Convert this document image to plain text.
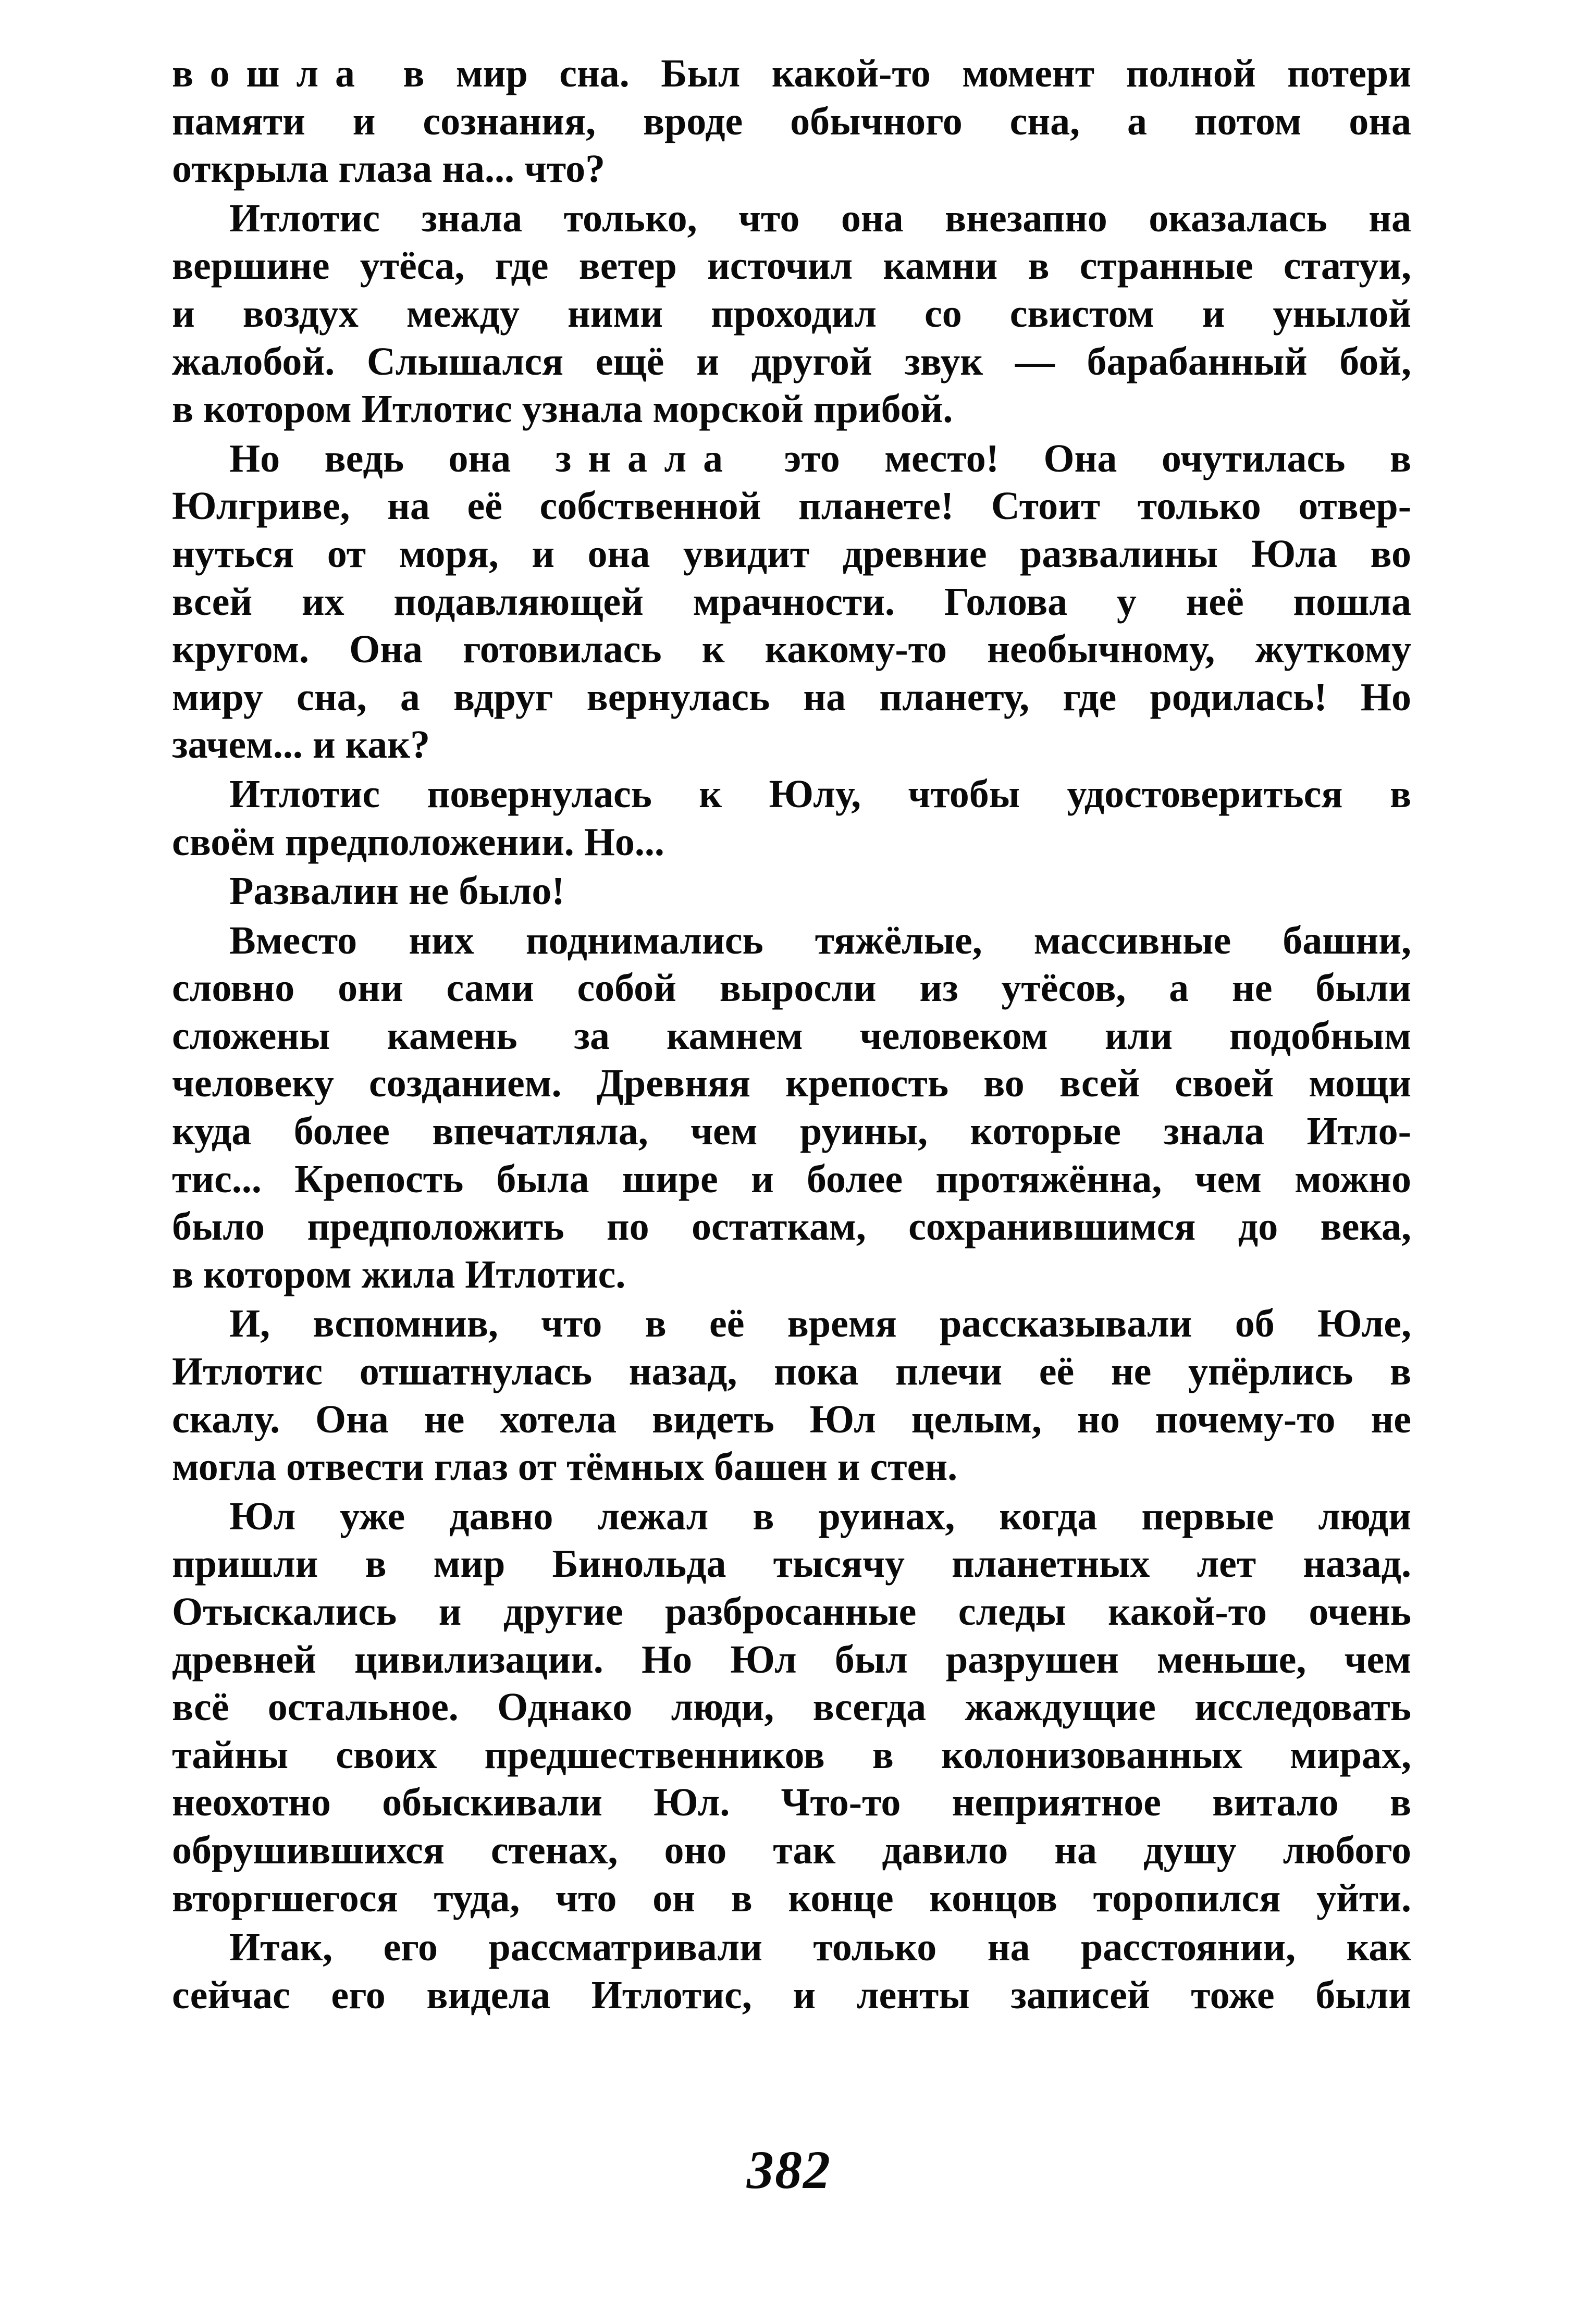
вошла в мир сна. Был какой-то момент полной потери
памяти и сознания, вроде обычного сна, а потом она
открыла глаза на... что?

Итлотис знала только, что она внезапно оказалась на
вершине утёса, где ветер источил камни в странные статуи,
и воздух между ними проходил со свистом и унылой
жалобой. Слышался ещё и другой звук — барабанный бой,
в котором Итлотис узнала морской прибой.

Но ведь она знала это место! Она очутилась в
Юлгриве, на её собственной планете! Стоит только отвер-
нуться от моря, и она увидит древние развалины Юла во
всей их подавляющей мрачности. Голова у неё пошла
кругом. Она готовилась к какому-то необычному, жуткому
миру сна, а вдруг вернулась на планету, где родилась! Но
зачем... и как?

Итлотис повернулась к Юлу, чтобы удостовериться в
своём предположении. Но...

Развалин не было!

Вместо них поднимались тяжёлые, массивные башни,
словно они сами собой выросли из утёсов, а не были
сложены камень за камнем человеком или подобным
человеку созданием. Древняя крепость во всей своей мощи
куда более впечатляла, чем руины, которые знала Итло-
тис... Крепость была шире и более протяжённа, чем можно
было предположить по остаткам, сохранившимся до века,
в котором жила Итлотис.

И, вспомнив, что в её время рассказывали об Юле,
Итлотис отшатнулась назад, пока плечи её не упёрлись в
скалу. Она не хотела видеть Юл целым, но почему-то не
могла отвести глаз от тёмных башен и стен.

Юл уже давно лежал в руинах, когда первые люди
пришли в мир Бинольда тысячу планетных лет назад.
Отыскались и другие разбросанные следы какой-то очень
древней цивилизации. Но Юл был разрушен меньше, чем
всё остальное. Однако люди, всегда жаждущие исследовать
тайны своих предшественников в колонизованных мирах,
неохотно обыскивали Юл. Что-то неприятное витало в
обрушившихся стенах, оно так давило на душу любого
вторгшегося туда, что он в конце концов торопился уйти.

Итак, его рассматривали только на расстоянии, как
сейчас его видела Итлотис, и ленты записей тоже были

382
